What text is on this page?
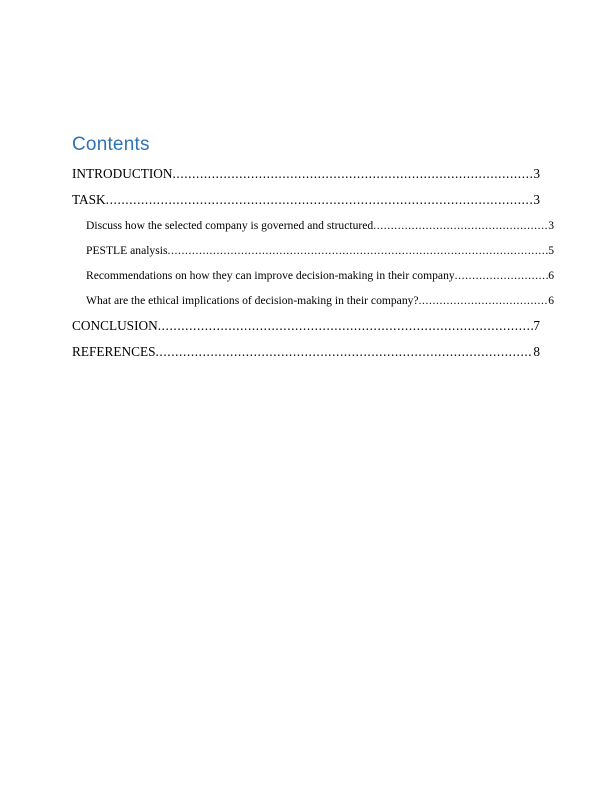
Contents
INTRODUCTION .....	3
TASK .....	3
Discuss how the selected company is governed and structured .....	3
PESTLE analysis .....	5
Recommendations on how they can improve decision-making in their company .....	6
What are the ethical implications of decision-making in their company? .....	6
CONCLUSION .....	7
REFERENCES .....	8
